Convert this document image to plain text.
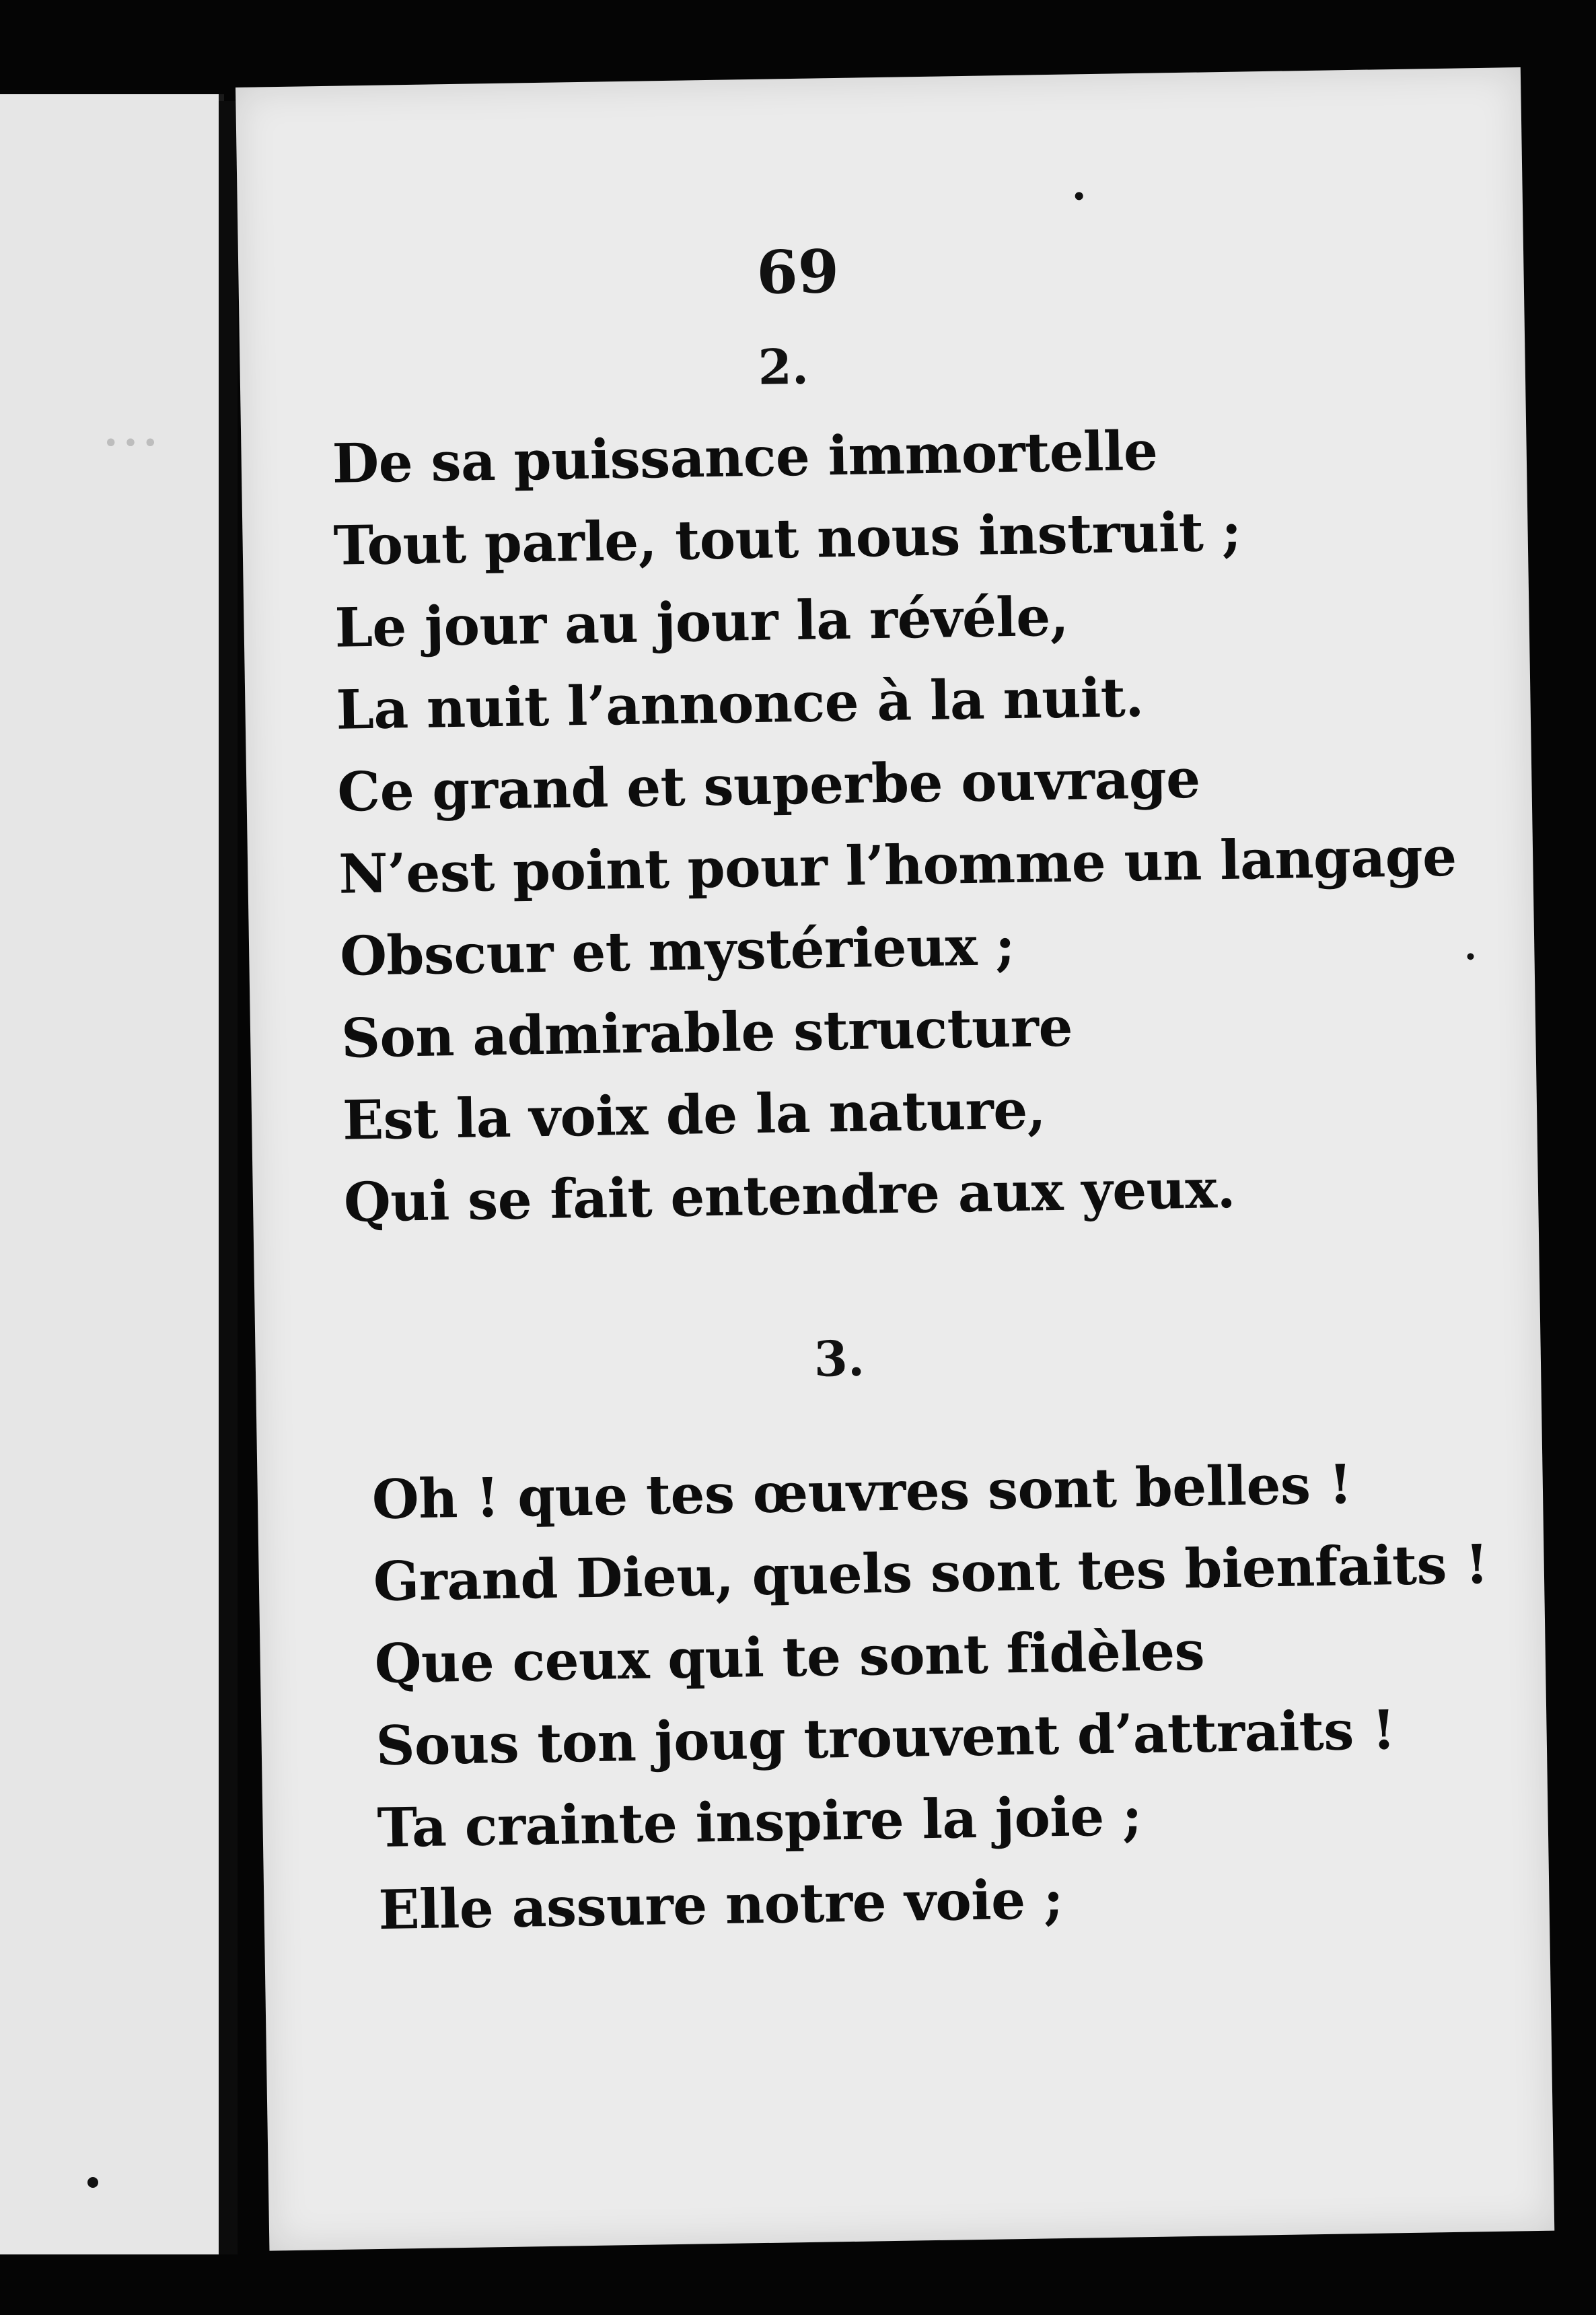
…
69
2.
De sa puissance immortelle
Tout parle, tout nous instruit ;
Le jour au jour la révéle,
La nuit l’annonce à la nuit.
Ce grand et superbe ouvrage
N’est point pour l’homme un langage
Obscur et mystérieux ;
Son admirable structure
Est la voix de la nature,
Qui se fait entendre aux yeux.
3.
Oh ! que tes œuvres sont belles !
Grand Dieu, quels sont tes bienfaits !
Que ceux qui te sont fidèles
Sous ton joug trouvent d’attraits !
Ta crainte inspire la joie ;
Elle assure notre voie ;
